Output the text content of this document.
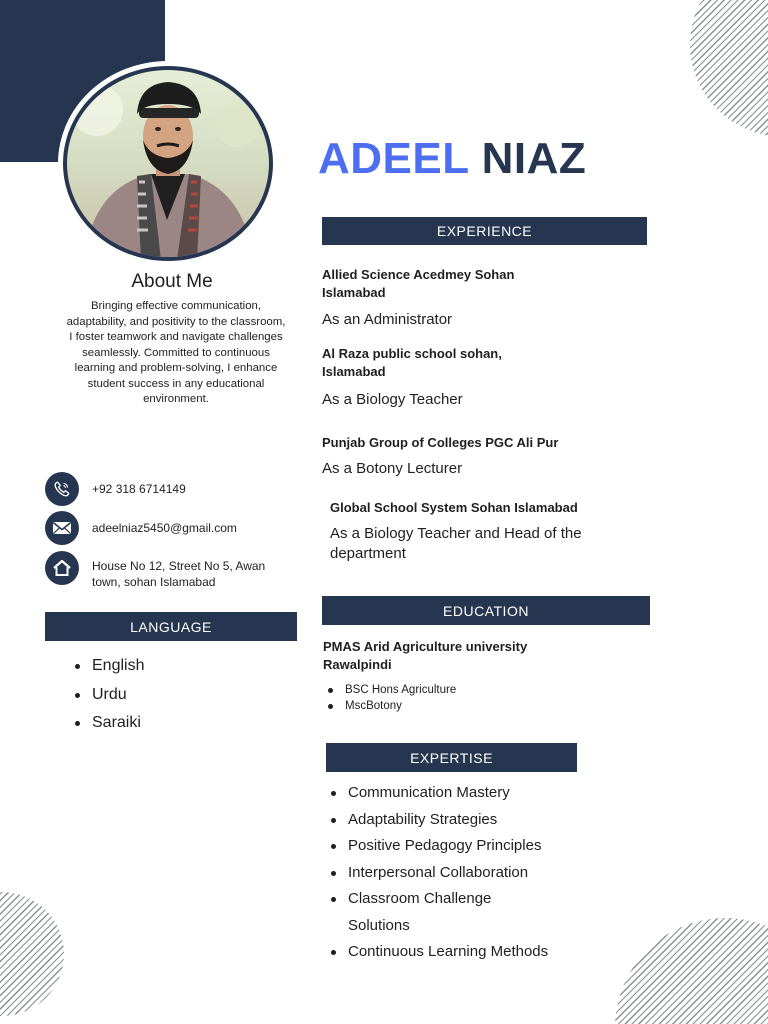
ADEEL NIAZ
About Me
Bringing effective communication, adaptability, and positivity to the classroom, I foster teamwork and navigate challenges seamlessly. Committed to continuous learning and problem-solving, I enhance student success in any educational environment.
+92 318 6714149
adeelniaz5450@gmail.com
House No 12, Street No 5, Awan town, sohan Islamabad
LANGUAGE
English
Urdu
Saraiki
EXPERIENCE
Allied Science Acedmey Sohan Islamabad
As an Administrator
Al Raza public school sohan, Islamabad
As a Biology Teacher
Punjab Group of Colleges PGC Ali Pur
As a Botony Lecturer
Global School System Sohan Islamabad
As a Biology Teacher and Head of the department
EDUCATION
PMAS Arid Agriculture university Rawalpindi
BSC Hons Agriculture
MscBotony
EXPERTISE
Communication Mastery
Adaptability Strategies
Positive Pedagogy Principles
Interpersonal Collaboration
Classroom Challenge Solutions
Continuous Learning Methods
